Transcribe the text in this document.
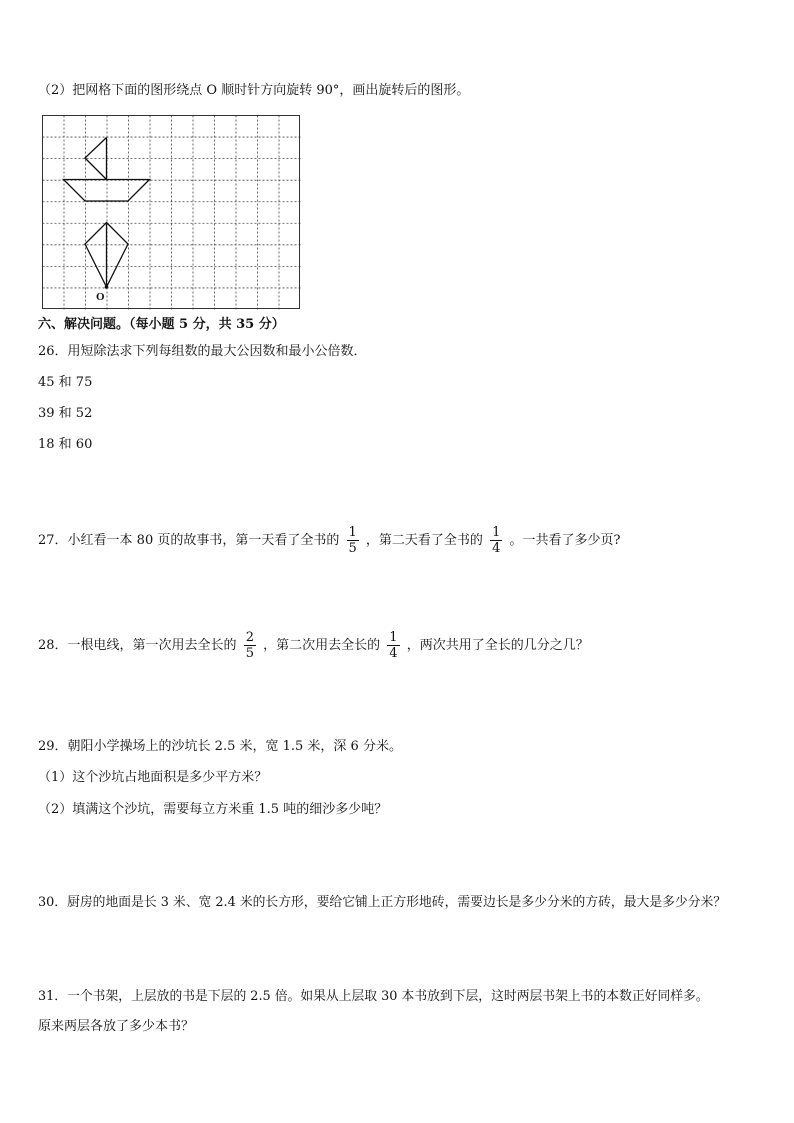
（2）把网格下面的图形绕点 O 顺时针方向旋转 90°，画出旋转后的图形。
O
六、解决问题。（每小题 5 分，共 35 分）
26．用短除法求下列每组数的最大公因数和最小公倍数．
45 和 75
39 和 52
18 和 60
27．小红看一本 80 页的故事书，第一天看了全书的 $\frac{1}{5}$ ，第二天看了全书的 $\frac{1}{4}$ 。一共看了多少页?
28．一根电线，第一次用去全长的 $\frac{2}{5}$ ，第二次用去全长的 $\frac{1}{4}$ ，两次共用了全长的几分之几？
29．朝阳小学操场上的沙坑长 2.5 米，宽 1.5 米，深 6 分米。
（1）这个沙坑占地面积是多少平方米？
（2）填满这个沙坑，需要每立方米重 1.5 吨的细沙多少吨？
30．厨房的地面是长 3 米、宽 2.4 米的长方形，要给它铺上正方形地砖，需要边长是多少分米的方砖，最大是多少分米？
31．一个书架，上层放的书是下层的 2.5 倍。如果从上层取 30 本书放到下层，这时两层书架上书的本数正好同样多。
原来两层各放了多少本书？
